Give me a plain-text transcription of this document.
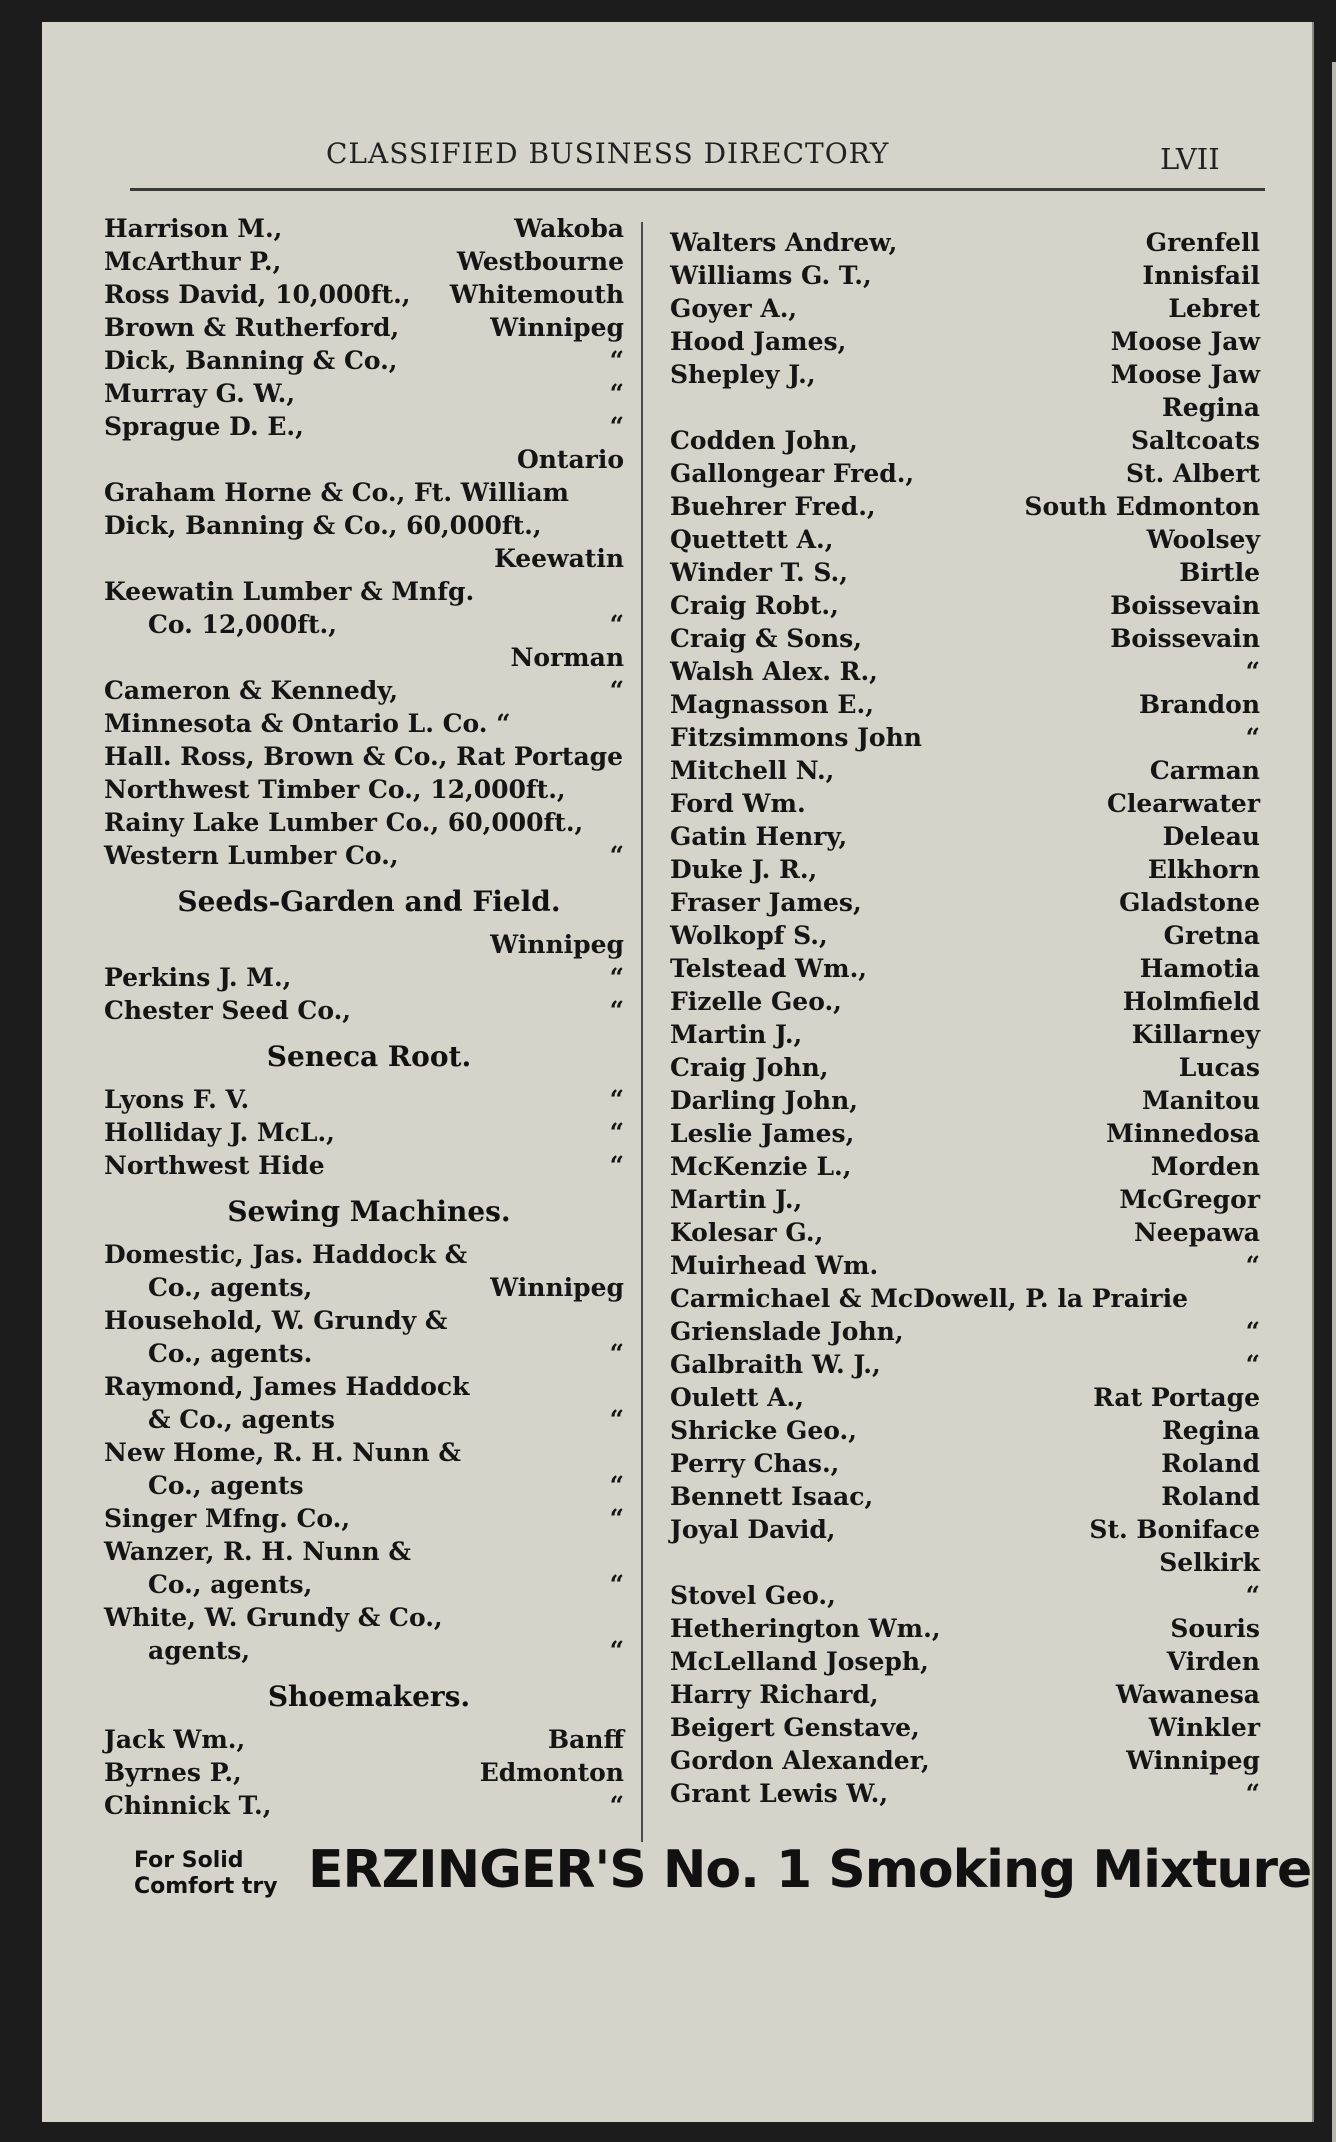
CLASSIFIED BUSINESS DIRECTORY	LVII
Harrison M.,	Wakoba
McArthur P.,	Westbourne
Ross David, 10,000ft., Whitemouth
Brown & Rutherford,	Winnipeg
Dick, Banning & Co.,	“
Murray G. W.,	“
Sprague D. E.,	“
Ontario
Graham Horne & Co., Ft. William
Dick, Banning & Co., 60,000ft.,
Keewatin
Keewatin Lumber & Mnfg.
Co. 12,000ft.,	“
Norman
Cameron & Kennedy,	“
Minnesota & Ontario L. Co. “
Hall. Ross, Brown & Co., Rat Portage
Northwest Timber Co., 12,000ft.,
Rainy Lake Lumber Co., 60,000ft.,
Western Lumber Co.,	“
Seeds-Garden and Field.
Winnipeg
Perkins J. M.,	“
Chester Seed Co.,	“
Seneca Root.
Lyons F. V.	“
Holliday J. McL.,	“
Northwest Hide	“
Sewing Machines.
Domestic, Jas. Haddock &
Co., agents,	Winnipeg
Household, W. Grundy &
Co., agents.	“
Raymond, James Haddock
& Co., agents	“
New Home, R. H. Nunn &
Co., agents	“
Singer Mfng. Co.,	“
Wanzer, R. H. Nunn &
Co., agents,	“
White, W. Grundy & Co.,
agents,	“
Shoemakers.
Jack Wm.,	Banff
Byrnes P.,	Edmonton
Chinnick T.,	“
Walters Andrew,	Grenfell
Williams G. T.,	Innisfail
Goyer A.,	Lebret
Hood James,	Moose Jaw
Shepley J.,	Moose Jaw
Regina
Codden John,	Saltcoats
Gallongear Fred.,	St. Albert
Buehrer Fred.,	South Edmonton
Quettett A.,	Woolsey
Winder T. S.,	Birtle
Craig Robt.,	Boissevain
Craig & Sons,	Boissevain
Walsh Alex. R.,	“
Magnasson E.,	Brandon
Fitzsimmons John	“
Mitchell N.,	Carman
Ford Wm.	Clearwater
Gatin Henry,	Deleau
Duke J. R.,	Elkhorn
Fraser James,	Gladstone
Wolkopf S.,	Gretna
Telstead Wm.,	Hamotia
Fizelle Geo.,	Holmfield
Martin J.,	Killarney
Craig John,	Lucas
Darling John,	Manitou
Leslie James,	Minnedosa
McKenzie L.,	Morden
Martin J.,	McGregor
Kolesar G.,	Neepawa
Muirhead Wm.	“
Carmichael & McDowell, P. la Prairie
Grienslade John,	“
Galbraith W. J.,	“
Oulett A.,	Rat Portage
Shricke Geo.,	Regina
Perry Chas.,	Roland
Bennett Isaac,	Roland
Joyal David,	St. Boniface
Selkirk
Stovel Geo.,	“
Hetherington Wm.,	Souris
McLelland Joseph,	Virden
Harry Richard,	Wawanesa
Beigert Genstave,	Winkler
Gordon Alexander,	Winnipeg
Grant Lewis W.,	“
For Solid
Comfort try ERZINGER'S No. 1 Smoking Mixture
